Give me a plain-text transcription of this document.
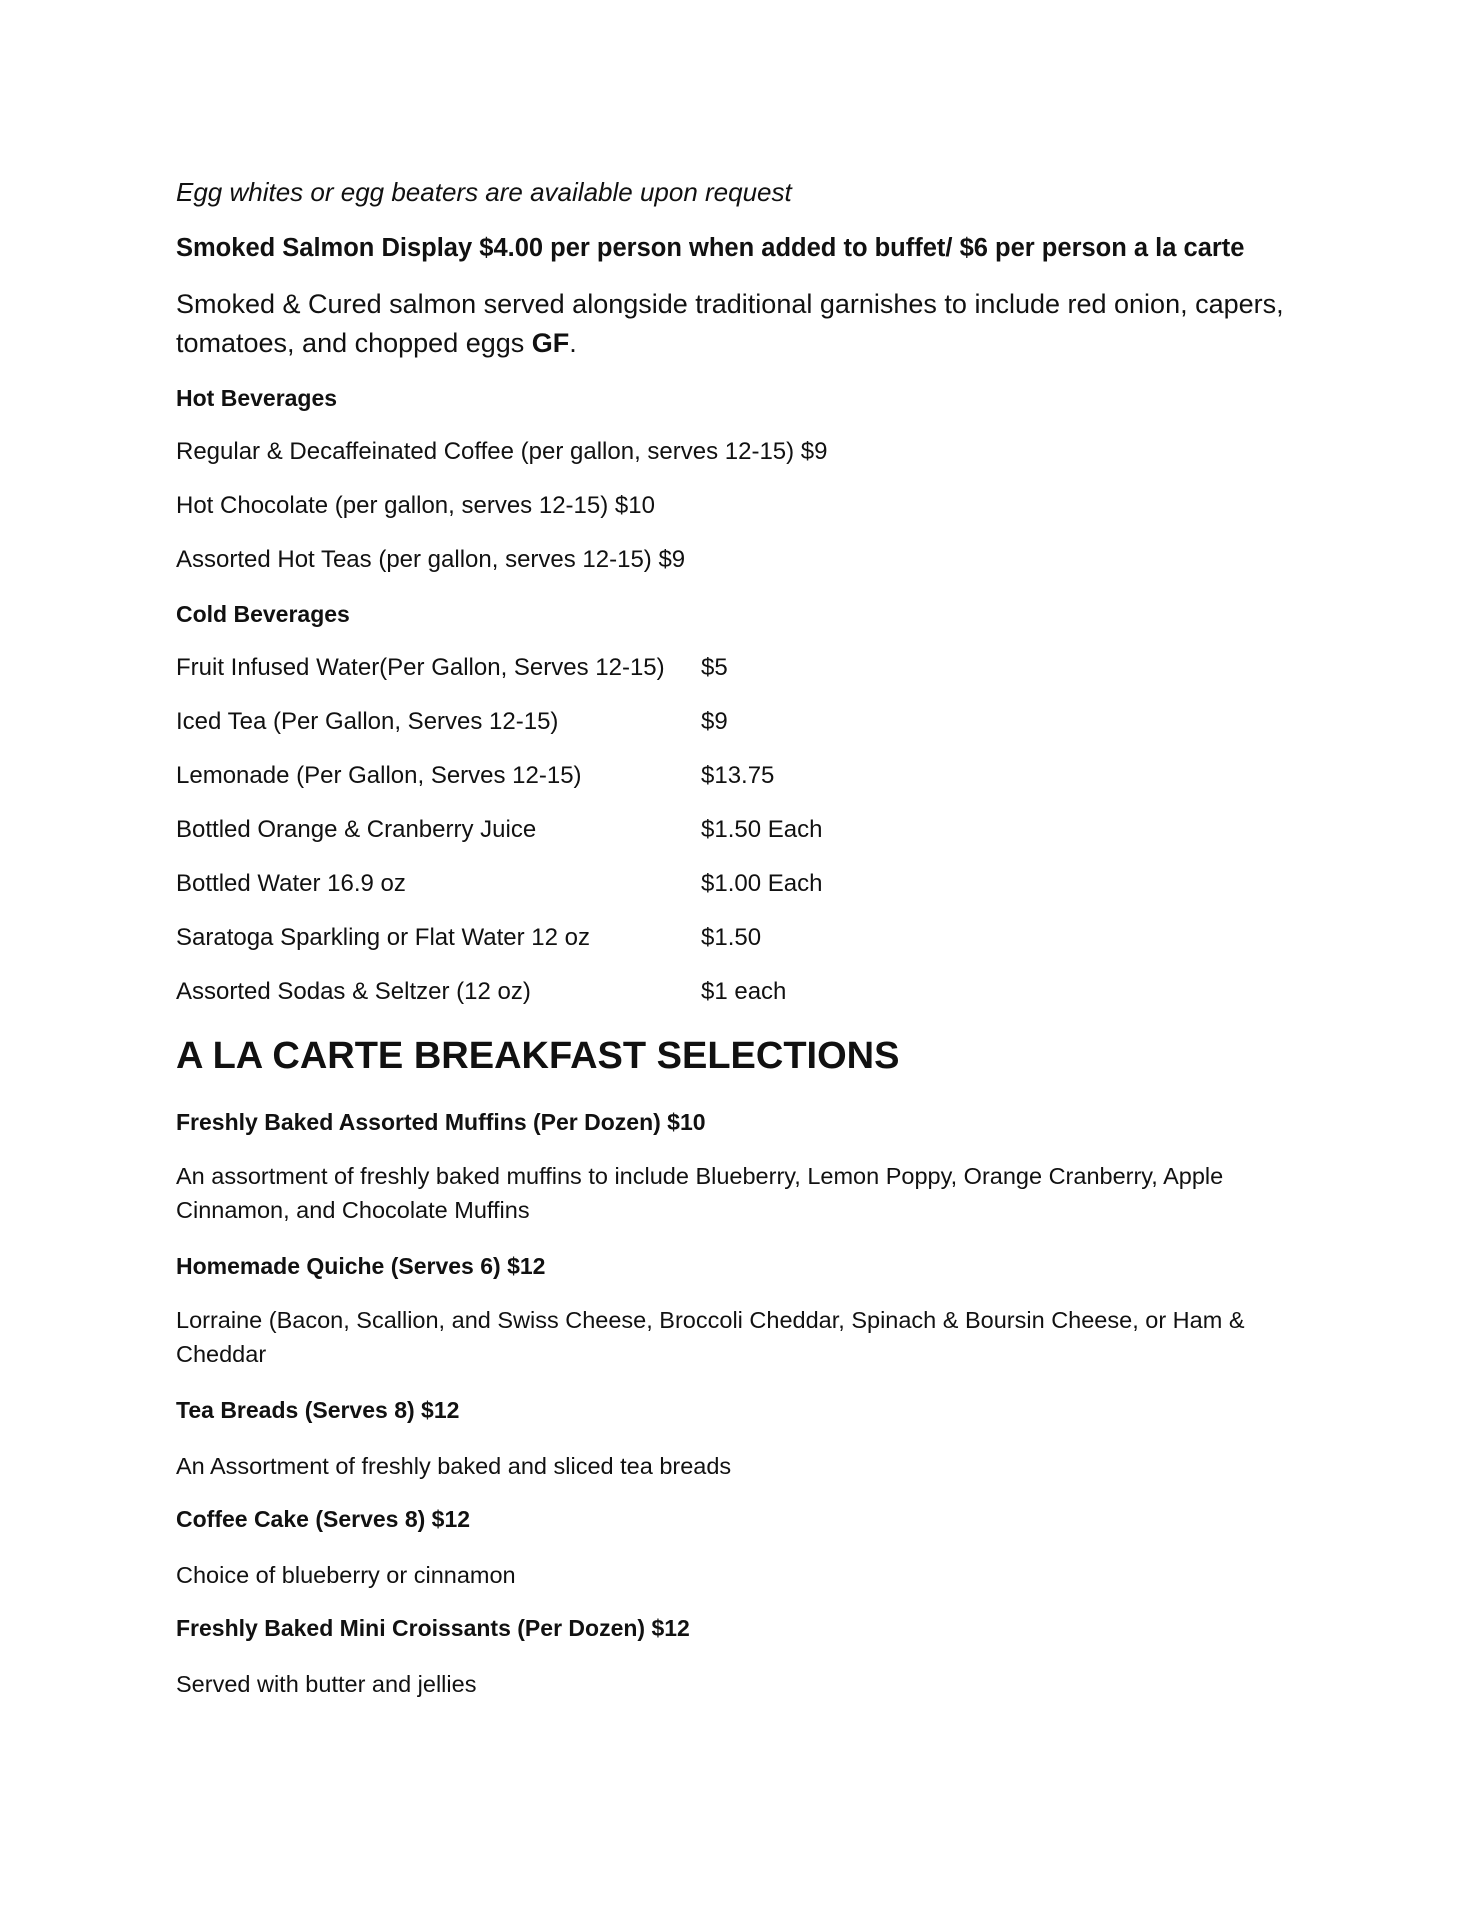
Egg whites or egg beaters are available upon request
Smoked Salmon Display $4.00 per person when added to buffet/ $6 per person a la carte
Smoked & Cured salmon served alongside traditional garnishes to include red onion, capers, tomatoes, and chopped eggs GF.
Hot Beverages
Regular & Decaffeinated Coffee (per gallon, serves 12-15) $9
Hot Chocolate (per gallon, serves 12-15) $10
Assorted Hot Teas (per gallon, serves 12-15) $9
Cold Beverages
Fruit Infused Water(Per Gallon, Serves 12-15) $5
Iced Tea (Per Gallon, Serves 12-15)	$9
Lemonade (Per Gallon, Serves 12-15)	$13.75
Bottled Orange & Cranberry Juice	$1.50 Each
Bottled Water 16.9 oz	$1.00 Each
Saratoga Sparkling or Flat Water 12 oz	$1.50
Assorted Sodas & Seltzer (12 oz)	$1 each
A LA CARTE BREAKFAST SELECTIONS
Freshly Baked Assorted Muffins (Per Dozen) $10
An assortment of freshly baked muffins to include Blueberry, Lemon Poppy, Orange Cranberry, Apple Cinnamon, and Chocolate Muffins
Homemade Quiche (Serves 6) $12
Lorraine (Bacon, Scallion, and Swiss Cheese, Broccoli Cheddar, Spinach & Boursin Cheese, or Ham & Cheddar
Tea Breads (Serves 8) $12
An Assortment of freshly baked and sliced tea breads
Coffee Cake (Serves 8) $12
Choice of blueberry or cinnamon
Freshly Baked Mini Croissants (Per Dozen) $12
Served with butter and jellies
